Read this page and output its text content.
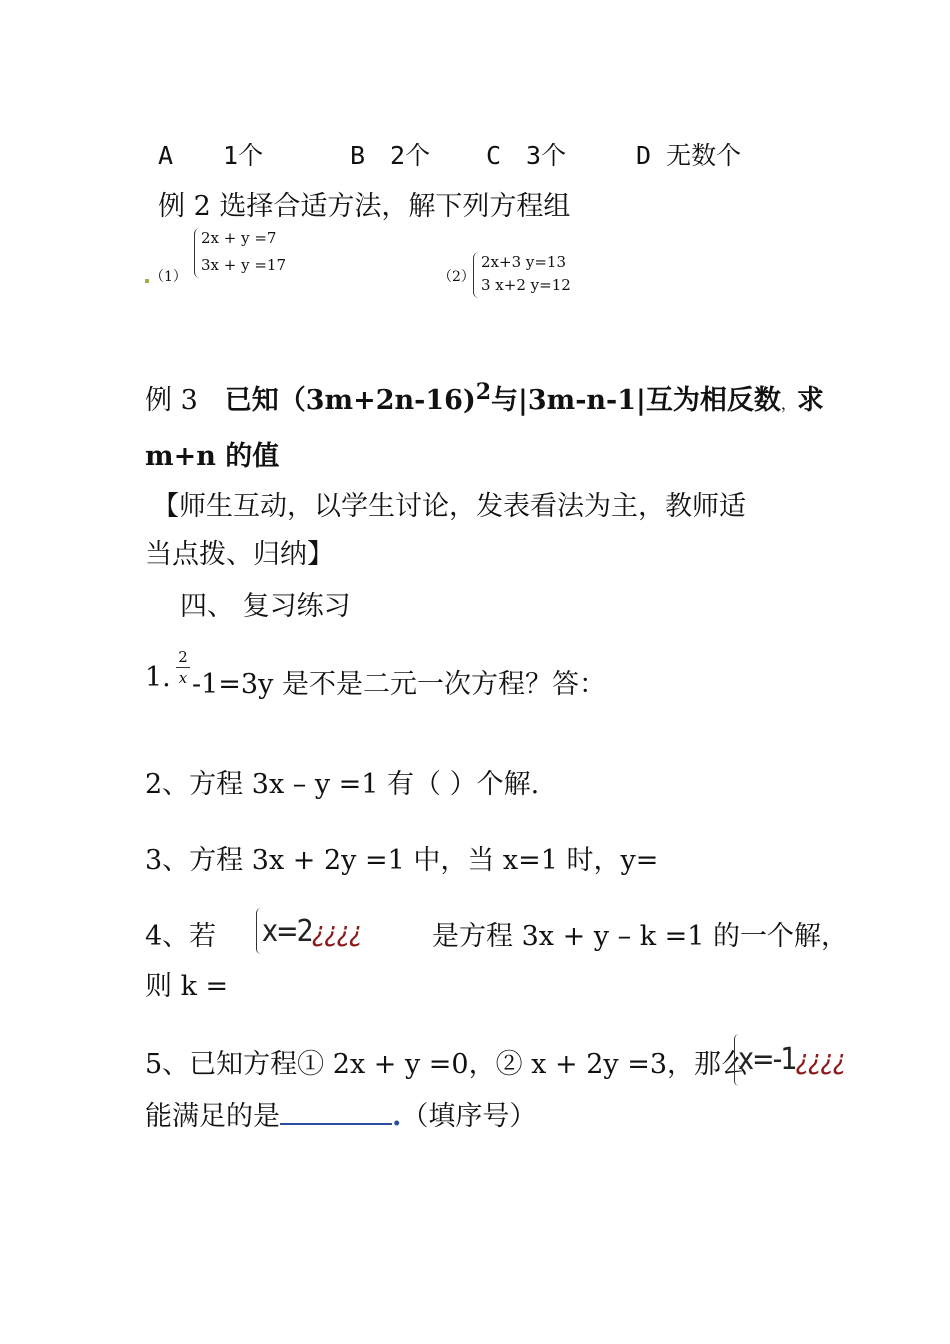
A　　1个	B　2个 C　3个	D 无数个
例 2 选择合适方法，解下列方程组
（1）
2x + y =7
3x + y =17
（2）
2x+3 y=13
3 x+2 y=12
例 3　 已知（3m+2n-16)$^2$与|3m-n-1|互为相反数，求
m+n 的值
【师生互动，以学生讨论，发表看法为主，教师适
当点拨、归纳】
四、 复习练习
1.
2
x -1=3y 是不是二元一次方程？答：
2、方程 3x – y =1 有（ ）个解.
3、方程 3x + 2y =1 中，当 x=1 时，y=
4、若 x=2¿¿¿¿	是方程 3x + y – k =1 的一个解，
则 k =
5、已知方程① 2x + y =0，② x + 2y =3，那么
x=-1¿¿¿¿
能满足的是	.（填序号）
